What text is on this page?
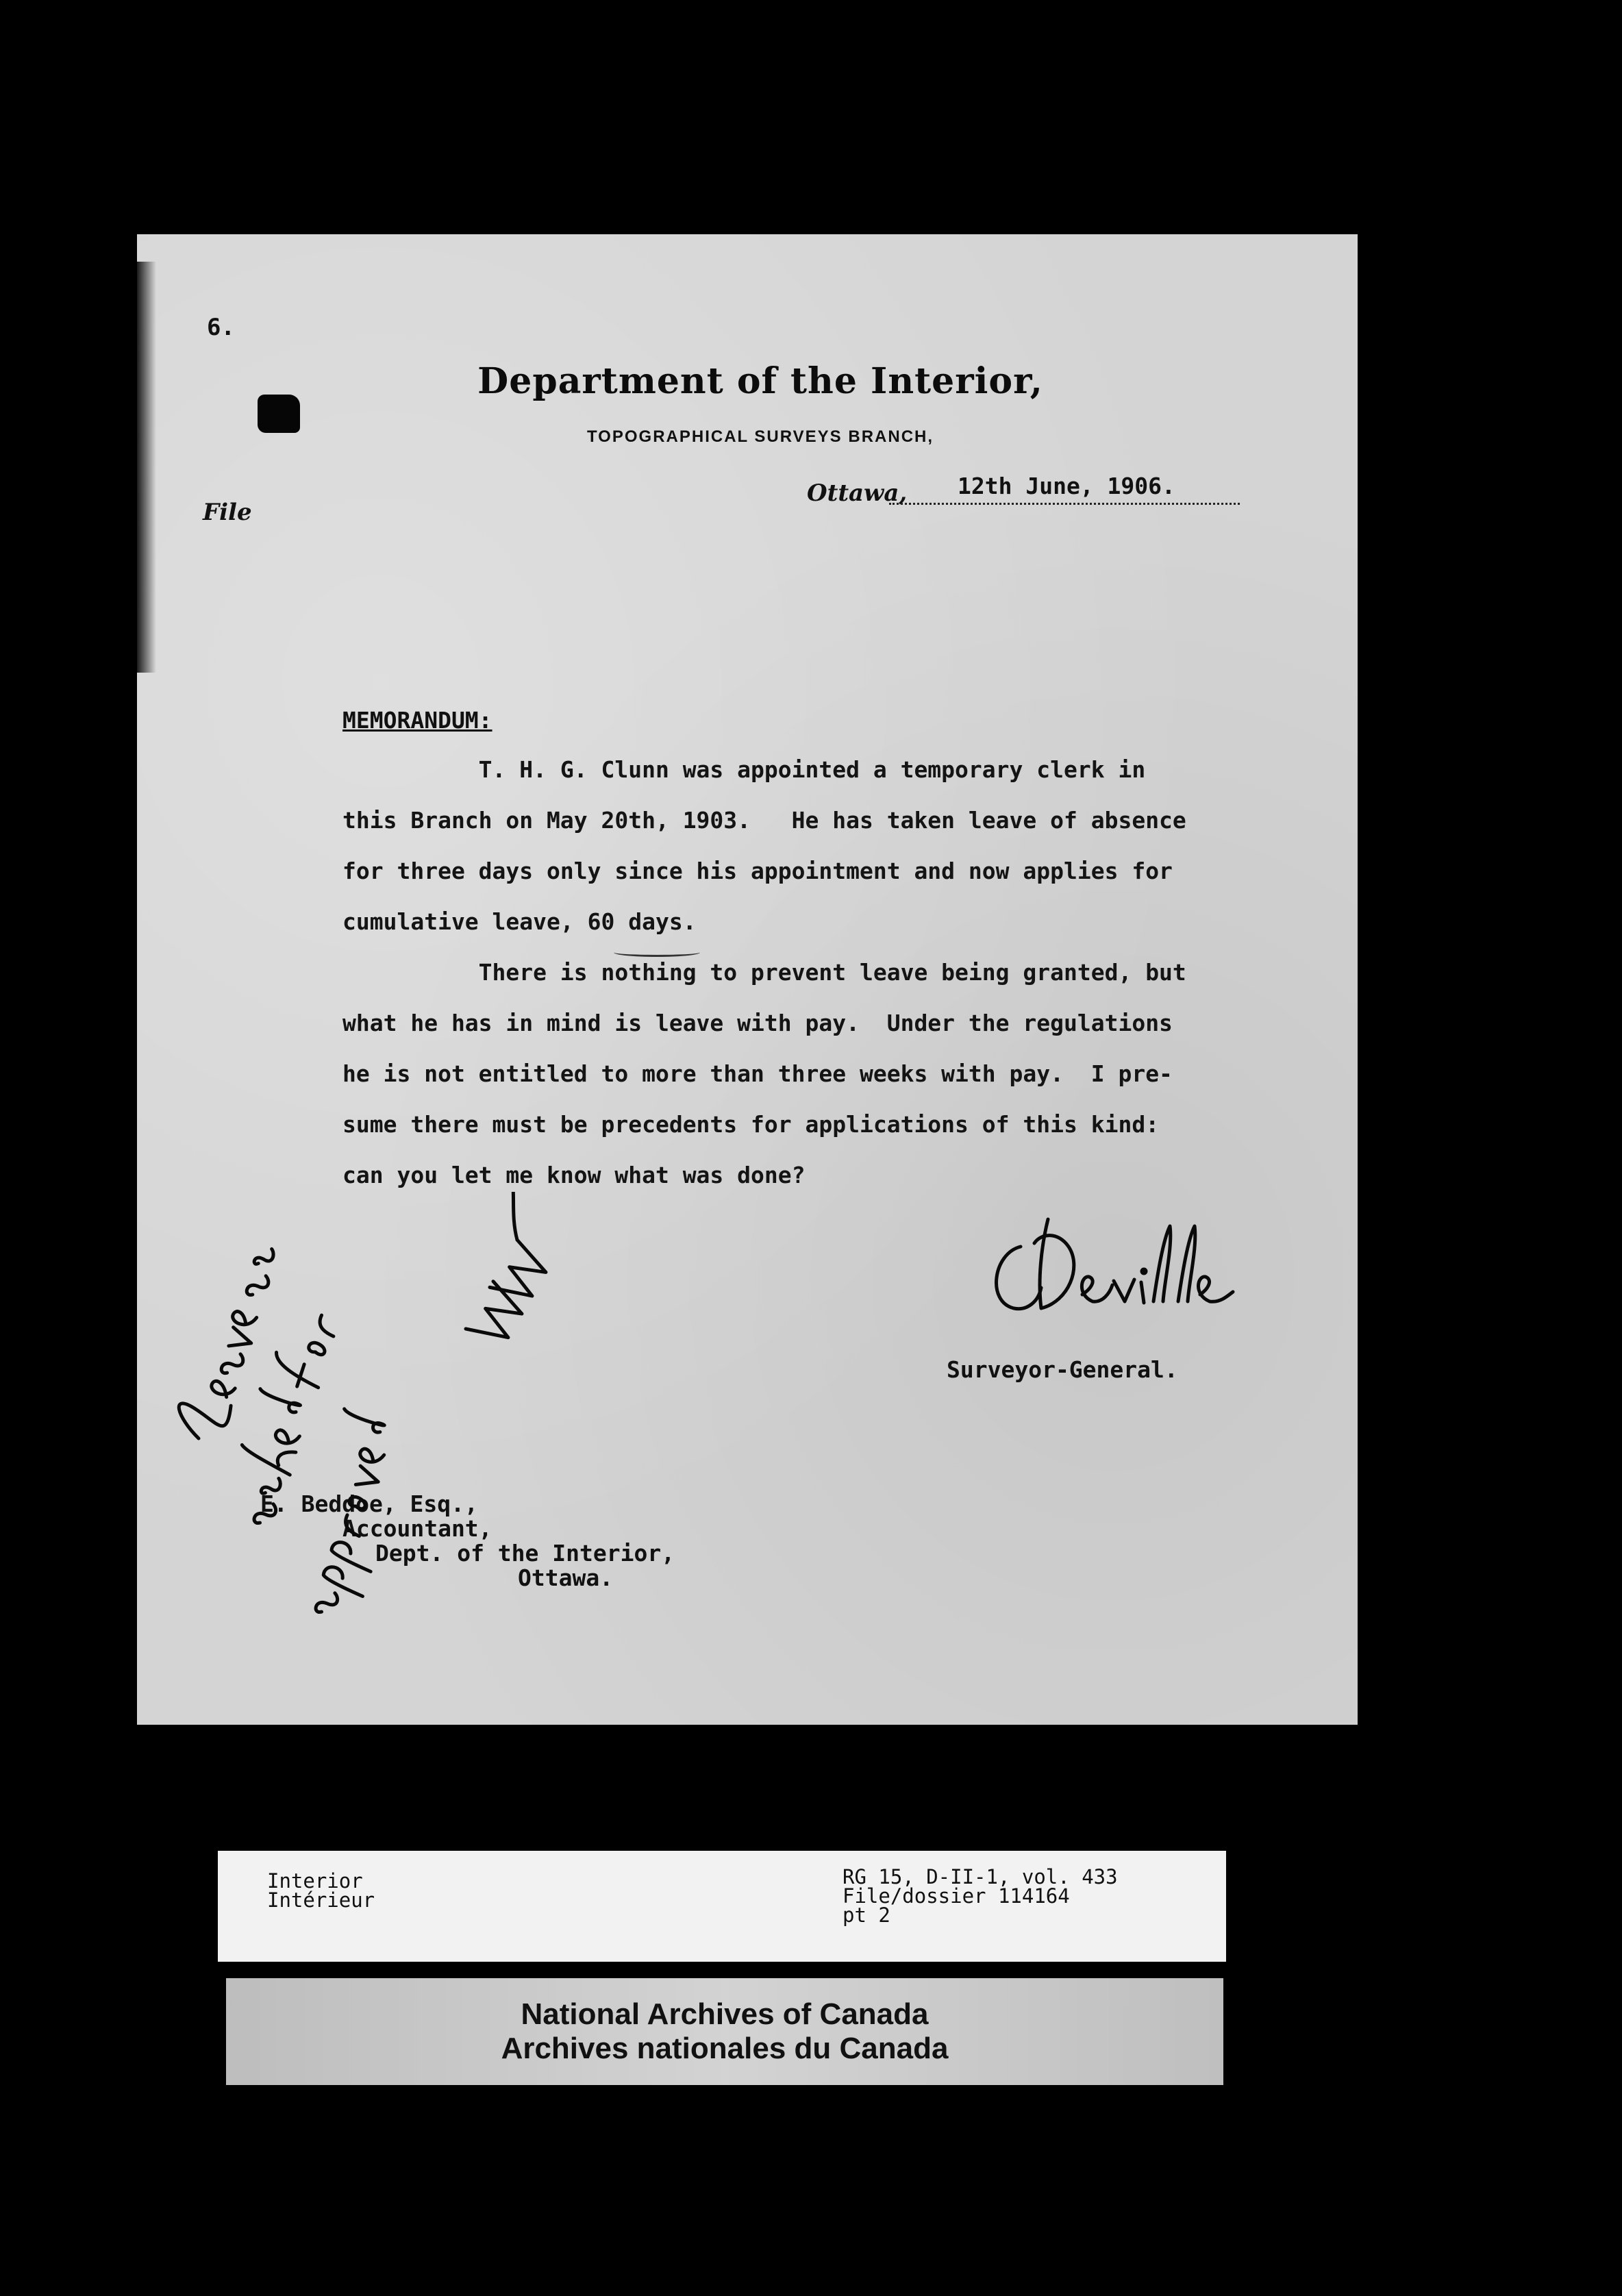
6.
Department of the Interior,
TOPOGRAPHICAL SURVEYS BRANCH,
File
Ottawa, 12th June, 1906.
MEMORANDUM:
T. H. G. Clunn was appointed a temporary clerk in
this Branch on May 20th, 1903.   He has taken leave of absence
for three days only since his appointment and now applies for
cumulative leave, 60 days.
There is nothing to prevent leave being granted, but
what he has in mind is leave with pay.  Under the regulations
he is not entitled to more than three weeks with pay.  I pre-
sume there must be precedents for applications of this kind:
can you let me know what was done?
Surveyor-General.
E. Beddoe, Esq.,
Accountant,
Dept. of the Interior,
Ottawa.
Interior
Intérieur
RG 15, D-II-1, vol. 433
File/dossier 114164
pt 2
National Archives of Canada
Archives nationales du Canada
